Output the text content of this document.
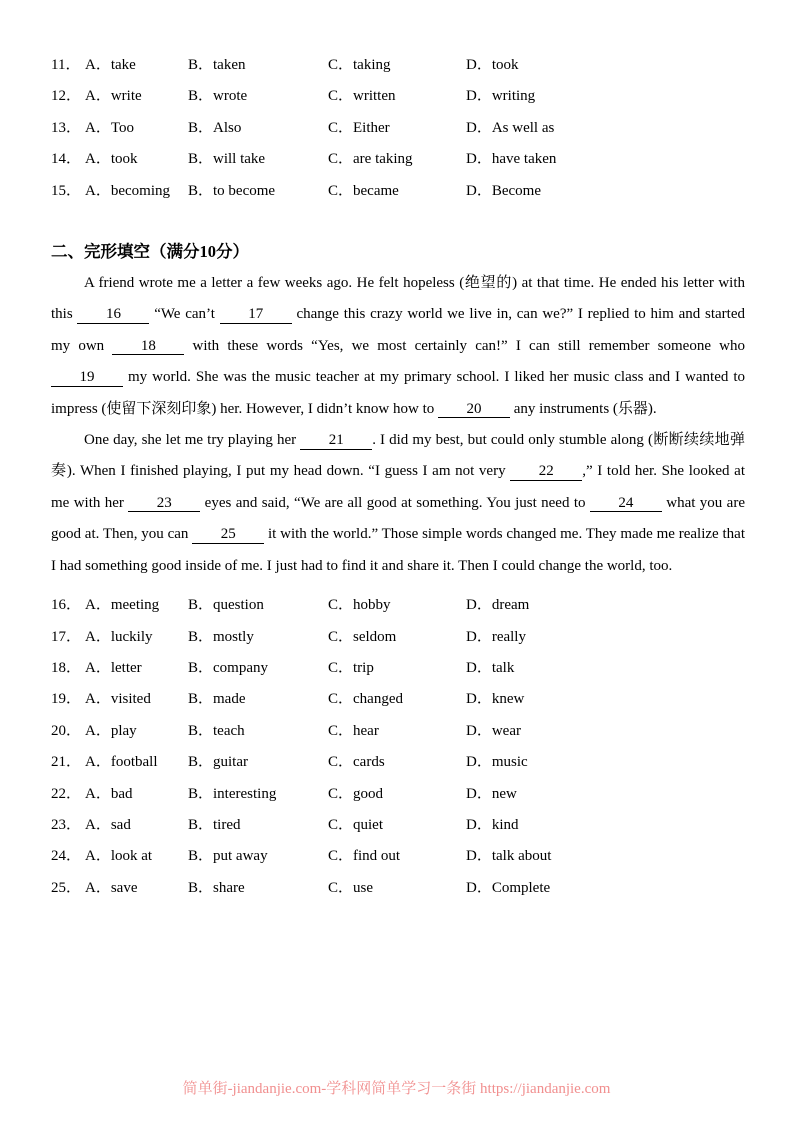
11． A．take	B．taken	C．taking	D．took
12． A．write	B．wrote	C．written	D．writing
13． A．Too	B．Also	C．Either	D．As well as
14． A．took	B．will take	C．are taking	D．have taken
15． A．becoming	B．to become	C．became	D．Become
二、完形填空（满分10分）

A friend wrote me a letter a few weeks ago. He felt hopeless (绝望的) at that time. He ended his letter with this 16 “We can’t 17 change this crazy world we live in, can we?” I replied to him and started my own 18 with these words “Yes, we most certainly can!” I can still remember someone who 19 my world. She was the music teacher at my primary school. I liked her music class and I wanted to impress (使留下深刻印象) her. However, I didn’t know how to 20 any instruments (乐器).

One day, she let me try playing her 21 . I did my best, but could only stumble along (断断续续地弹奏). When I finished playing, I put my head down. “I guess I am not very 22 ,” I told her. She looked at me with her 23 eyes and said, “We are all good at something. You just need to 24 what you are good at. Then, you can 25 it with the world.” Those simple words changed me. They made me realize that I had something good inside of me. I just had to find it and share it. Then I could change the world, too.

16． A．meeting	B．question	C．hobby	D．dream
17． A．luckily	B．mostly	C．seldom	D．really
18． A．letter	B．company	C．trip	D．talk
19． A．visited	B．made	C．changed	D．knew
20． A．play	B．teach	C．hear	D．wear
21． A．football	B．guitar	C．cards	D．music
22． A．bad	B．interesting	C．good	D．new
23． A．sad	B．tired	C．quiet	D．kind
24． A．look at	B．put away	C．find out	D．talk about
25． A．save	B．share	C．use	D．Complete
简单街-jiandanjie.com-学科网简单学习一条街 https://jiandanjie.com
